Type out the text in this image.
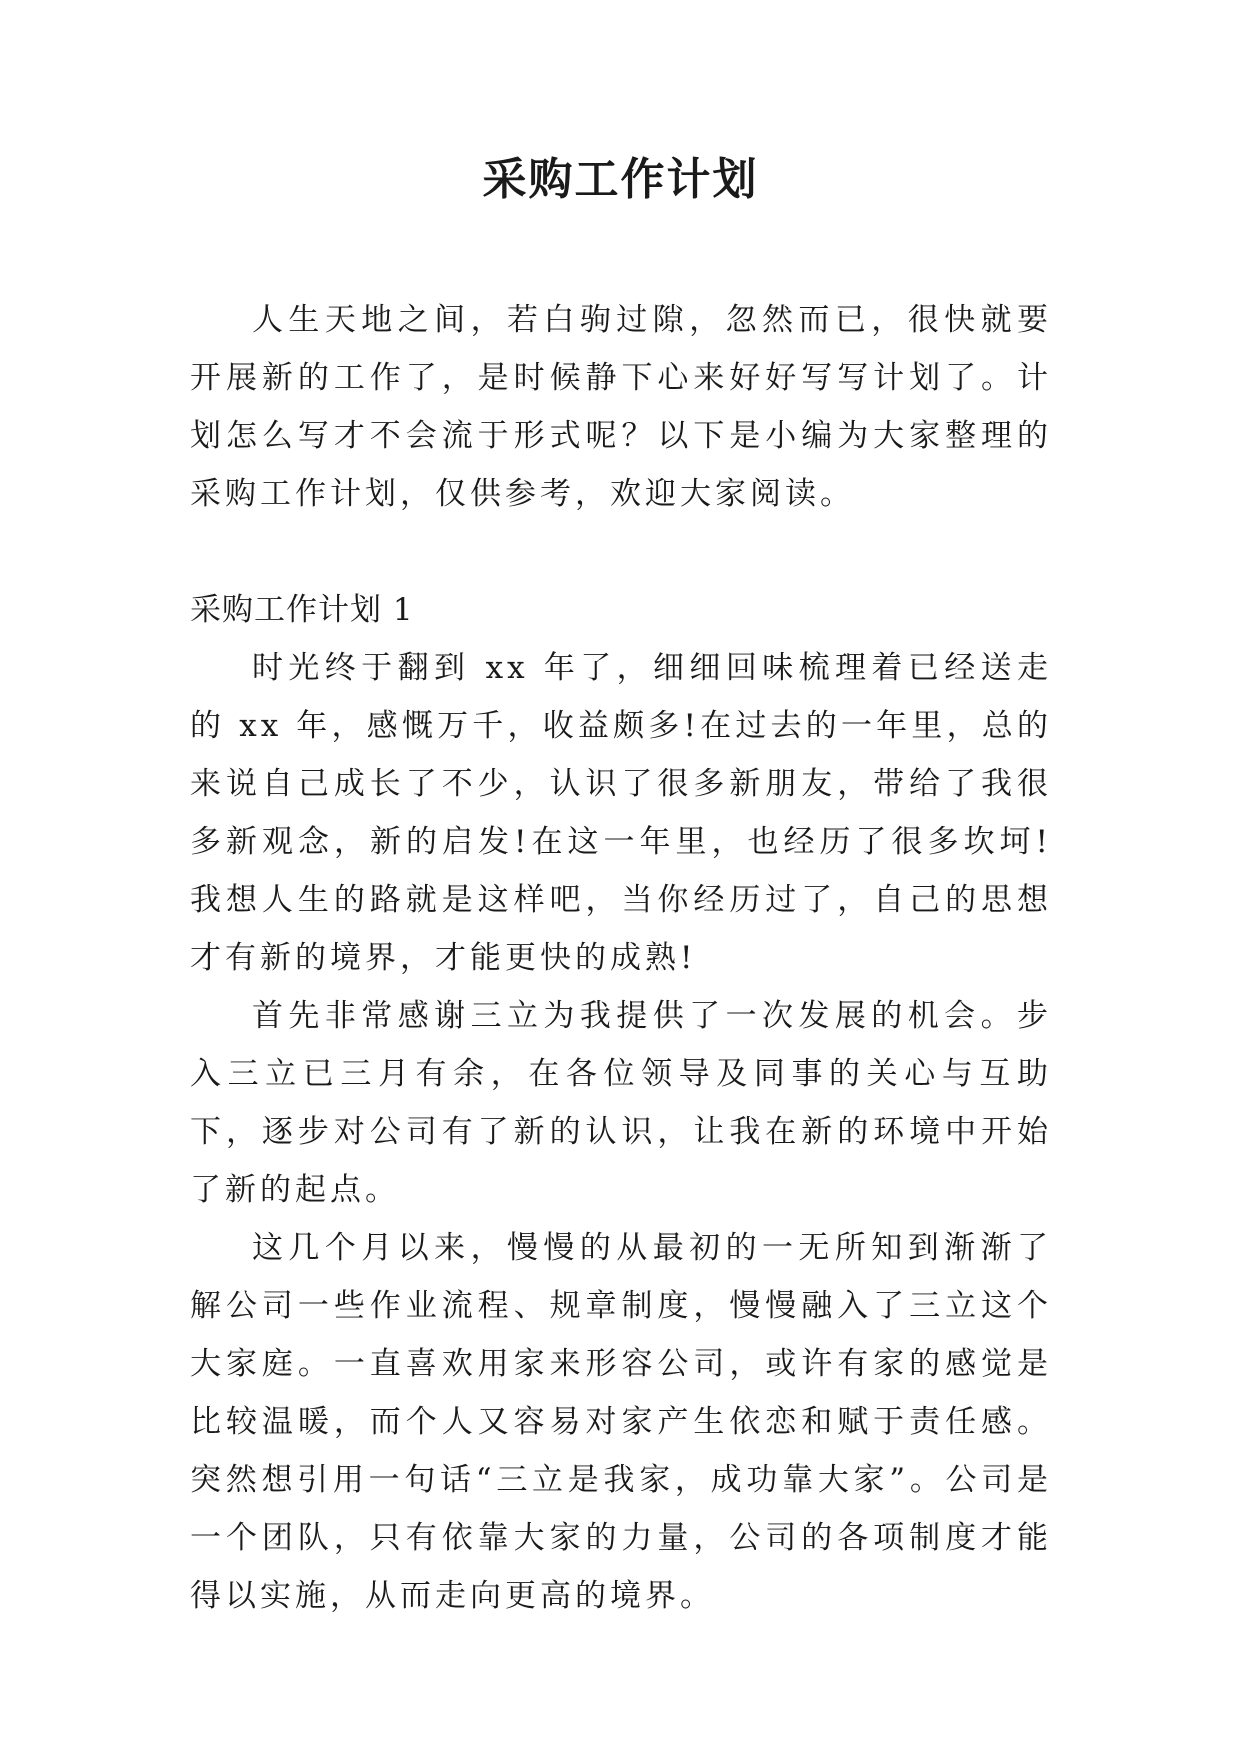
采购工作计划

人生天地之间，若白驹过隙，忽然而已，很快就要开展新的工作了，是时候静下心来好好写写计划了。计划怎么写才不会流于形式呢？以下是小编为大家整理的采购工作计划，仅供参考，欢迎大家阅读。

采购工作计划 1

时光终于翻到 xx 年了，细细回味梳理着已经送走的 xx 年，感慨万千，收益颇多!在过去的一年里，总的来说自己成长了不少，认识了很多新朋友，带给了我很多新观念，新的启发!在这一年里，也经历了很多坎坷!我想人生的路就是这样吧，当你经历过了，自己的思想才有新的境界，才能更快的成熟!

首先非常感谢三立为我提供了一次发展的机会。步入三立已三月有余，在各位领导及同事的关心与互助下，逐步对公司有了新的认识，让我在新的环境中开始了新的起点。

这几个月以来，慢慢的从最初的一无所知到渐渐了解公司一些作业流程、规章制度，慢慢融入了三立这个大家庭。一直喜欢用家来形容公司，或许有家的感觉是比较温暖，而个人又容易对家产生依恋和赋于责任感。突然想引用一句话“三立是我家，成功靠大家”。公司是一个团队，只有依靠大家的力量，公司的各项制度才能得以实施，从而走向更高的境界。
